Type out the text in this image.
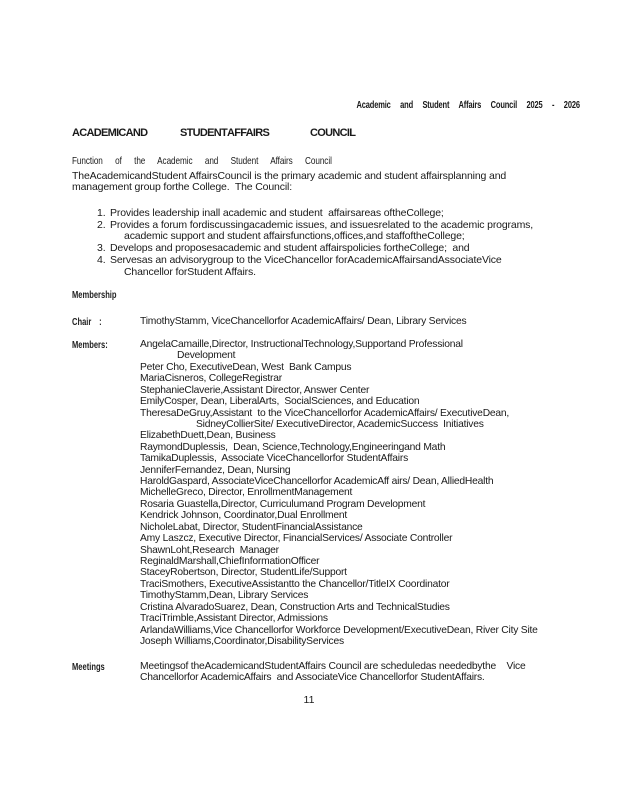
Academic and Student Affairs Council 2025 - 2026

ACADEMIC AND

	STUDENT AFFAIRS

	COUNCIL

Function of the Academic and Student Affairs Council
TheAcademicandStudent AffairsCouncil is the primary academic and student affairsplanning and
management group forthe College.  The Council:
1. Provides leadership inall academic and student  affairsareas oftheCollege;
2. Provides a forum fordiscussingacademic issues, and issuesrelated to the academic programs,
academic support and student affairsfunctions,offices,and staffoftheCollege;
3. Develops and proposesacademic and student affairspolicies fortheCollege;  and
4. Servesas an advisorygroup to the ViceChancellor forAcademicAffairsandAssociateVice
Chancellor forStudent Affairs.
Membership
Chair :	TimothyStamm, ViceChancellorfor AcademicAffairs/ Dean, Library Services
Members:	AngelaCamaille,Director, InstructionalTechnology,Supportand Professional
Development
Peter Cho, ExecutiveDean, West  Bank Campus
MariaCisneros, CollegeRegistrar
StephanieClaverie,Assistant Director, Answer Center
EmilyCosper, Dean, LiberalArts,  SocialSciences, and Education
TheresaDeGruy,Assistant  to the ViceChancellorfor AcademicAffairs/ ExecutiveDean,
SidneyCollierSite/ ExecutiveDirector, AcademicSuccess  Initiatives
ElizabethDuett,Dean, Business
RaymondDuplessis,  Dean, Science,Technology,Engineeringand Math
TamikaDuplessis,  Associate ViceChancellorfor StudentAffairs
JenniferFernandez, Dean, Nursing
HaroldGaspard, AssociateViceChancellorfor AcademicAff airs/ Dean, AlliedHealth
MichelleGreco, Director, EnrollmentManagement
Rosaria Guastella,Director, Curriculumand Program Development
Kendrick Johnson, Coordinator,Dual Enrollment
NicholeLabat, Director, StudentFinancialAssistance
Amy Laszcz, Executive Director, FinancialServices/ Associate Controller
ShawnLoht,Research  Manager
ReginaldMarshall,ChiefInformationOfficer
StaceyRobertson, Director, StudentLife/Support
TraciSmothers, ExecutiveAssistantto the Chancellor/TitleIX Coordinator
TimothyStamm,Dean, Library Services
Cristina AlvaradoSuarez, Dean, Construction Arts and TechnicalStudies
TraciTrimble,Assistant Director, Admissions
ArlandaWilliams,Vice Chancellorfor Workforce Development/ExecutiveDean, River City Site
Joseph Williams,Coordinator,DisabilityServices
Meetings	Meetingsof theAcademicandStudentAffairs Council are scheduledas neededbythe    Vice
Chancellorfor AcademicAffairs  and AssociateVice Chancellorfor StudentAffairs.
11
